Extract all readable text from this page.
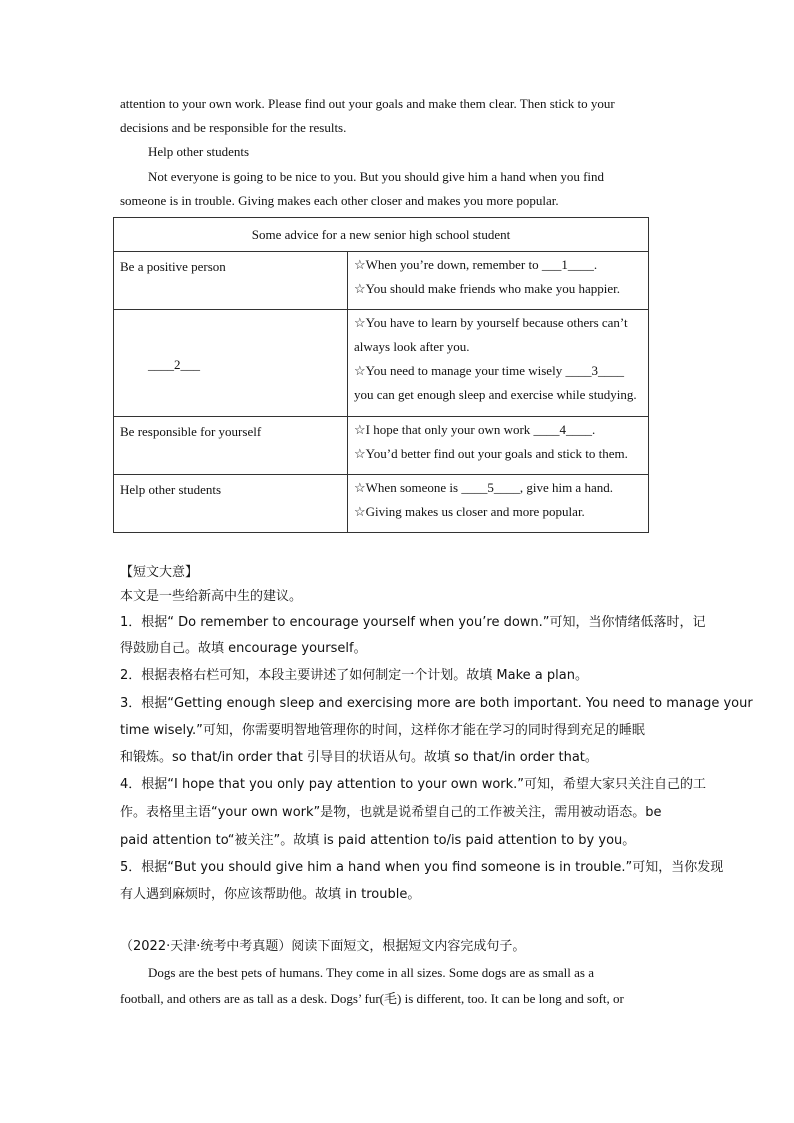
attention to your own work. Please find out your goals and make them clear. Then stick to your
decisions and be responsible for the results.
Help other students
Not everyone is going to be nice to you. But you should give him a hand when you find
someone is in trouble. Giving makes each other closer and makes you more popular.
Some advice for a new senior high school student	
Be a positive person	☆When you’re down, remember to ___1____.
☆You should make friends who make you happier.

____2___	☆You have to learn by yourself because others can’t
always look after you.
☆You need to manage your time wisely ____3____
you can get enough sleep and exercise while studying.

Be responsible for yourself	☆I hope that only your own work ____4____.
☆You’d better find out your goals and stick to them.

Help other students	☆When someone is ____5____, give him a hand.
☆Giving makes us closer and more popular.
【短文大意】
本文是一些给新高中生的建议。
1．根据“ Do remember to encourage yourself when you’re down.”可知，当你情绪低落时，记
得鼓励自己。故填 encourage yourself。
2．根据表格右栏可知，本段主要讲述了如何制定一个计划。故填 Make a plan。
3．根据“Getting enough sleep and exercising more are both important. You need to manage your
time wisely.”可知，你需要明智地管理你的时间，这样你才能在学习的同时得到充足的睡眠
和锻炼。so that/in order that 引导目的状语从句。故填 so that/in order that。
4．根据“I hope that you only pay attention to your own work.”可知，希望大家只关注自己的工
作。表格里主语“your own work”是物，也就是说希望自己的工作被关注，需用被动语态。be
paid attention to“被关注”。故填 is paid attention to/is paid attention to by you。
5．根据“But you should give him a hand when you find someone is in trouble.”可知，当你发现
有人遇到麻烦时，你应该帮助他。故填 in trouble。
（2022·天津·统考中考真题）阅读下面短文，根据短文内容完成句子。
Dogs are the best pets of humans. They come in all sizes. Some dogs are as small as a
football, and others are as tall as a desk. Dogs’ fur(毛) is different, too. It can be long and soft, or
